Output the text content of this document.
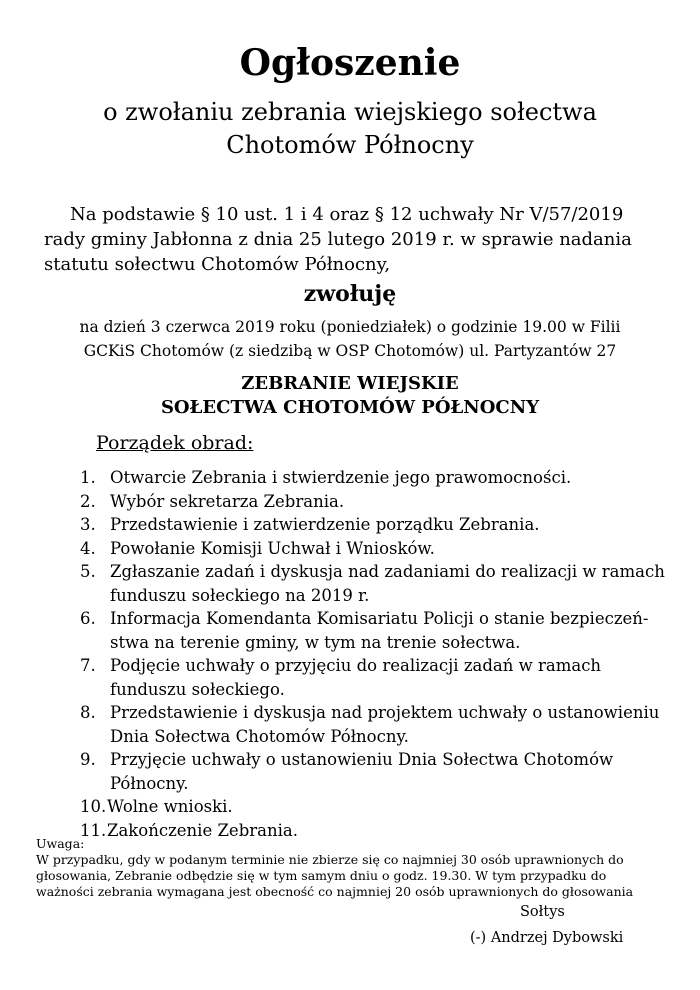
Ogłoszenie
o zwołaniu zebrania wiejskiego sołectwa
Chotomów Północny
Na podstawie § 10 ust. 1 i 4 oraz § 12 uchwały Nr V/57/2019
rady gminy Jabłonna z dnia 25 lutego 2019 r. w sprawie nadania
statutu sołectwu Chotomów Północny,
zwołuję
na dzień 3 czerwca 2019 roku (poniedziałek) o godzinie 19.00 w Filii
GCKiS Chotomów (z siedzibą w OSP Chotomów) ul. Partyzantów 27
ZEBRANIE WIEJSKIE
SOŁECTWA CHOTOMÓW PÓŁNOCNY
Porządek obrad:
1. Otwarcie Zebrania i stwierdzenie jego prawomocności.
2. Wybór sekretarza Zebrania.
3. Przedstawienie i zatwierdzenie porządku Zebrania.
4. Powołanie Komisji Uchwał i Wniosków.
5. Zgłaszanie zadań i dyskusja nad zadaniami do realizacji w ramach
funduszu sołeckiego na 2019 r.
6. Informacja Komendanta Komisariatu Policji o stanie bezpieczeń-
stwa na terenie gminy, w tym na trenie sołectwa.
7. Podjęcie uchwały o przyjęciu do realizacji zadań w ramach
funduszu sołeckiego.
8. Przedstawienie i dyskusja nad projektem uchwały o ustanowieniu
Dnia Sołectwa Chotomów Północny.
9. Przyjęcie uchwały o ustanowieniu Dnia Sołectwa Chotomów
Północny.
10. Wolne wnioski.
11. Zakończenie Zebrania.
Uwaga:
W przypadku, gdy w podanym terminie nie zbierze się co najmniej 30 osób uprawnionych do
głosowania, Zebranie odbędzie się w tym samym dniu o godz. 19.30. W tym przypadku do
ważności zebrania wymagana jest obecność co najmniej 20 osób uprawnionych do głosowania
Sołtys
(-) Andrzej Dybowski
